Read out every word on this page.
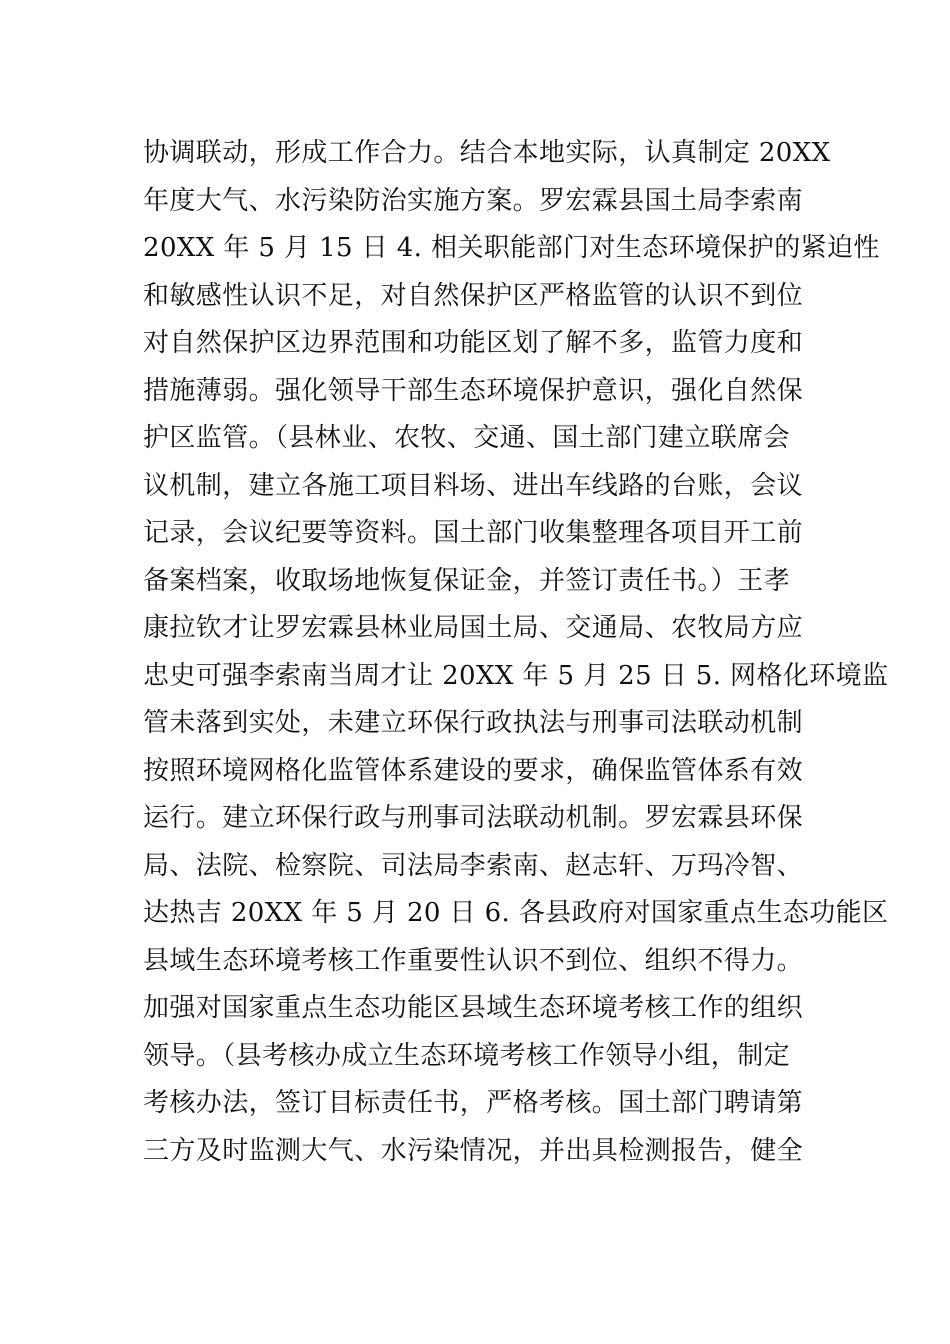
协调联动，形成工作合力。结合本地实际，认真制定 20XX
年度大气、水污染防治实施方案。罗宏霖县国土局李索南
20XX 年 5 月 15 日 4. 相关职能部门对生态环境保护的紧迫性
和敏感性认识不足，对自然保护区严格监管的认识不到位
对自然保护区边界范围和功能区划了解不多，监管力度和
措施薄弱。强化领导干部生态环境保护意识，强化自然保
护区监管。（县林业、农牧、交通、国土部门建立联席会
议机制，建立各施工项目料场、进出车线路的台账，会议
记录，会议纪要等资料。国土部门收集整理各项目开工前
备案档案，收取场地恢复保证金，并签订责任书。）王孝
康拉钦才让罗宏霖县林业局国土局、交通局、农牧局方应
忠史可强李索南当周才让 20XX 年 5 月 25 日 5. 网格化环境监
管未落到实处，未建立环保行政执法与刑事司法联动机制
按照环境网格化监管体系建设的要求，确保监管体系有效
运行。建立环保行政与刑事司法联动机制。罗宏霖县环保
局、法院、检察院、司法局李索南、赵志轩、万玛冷智、
达热吉 20XX 年 5 月 20 日 6. 各县政府对国家重点生态功能区
县域生态环境考核工作重要性认识不到位、组织不得力。
加强对国家重点生态功能区县域生态环境考核工作的组织
领导。（县考核办成立生态环境考核工作领导小组，制定
考核办法，签订目标责任书，严格考核。国土部门聘请第
三方及时监测大气、水污染情况，并出具检测报告，健全
